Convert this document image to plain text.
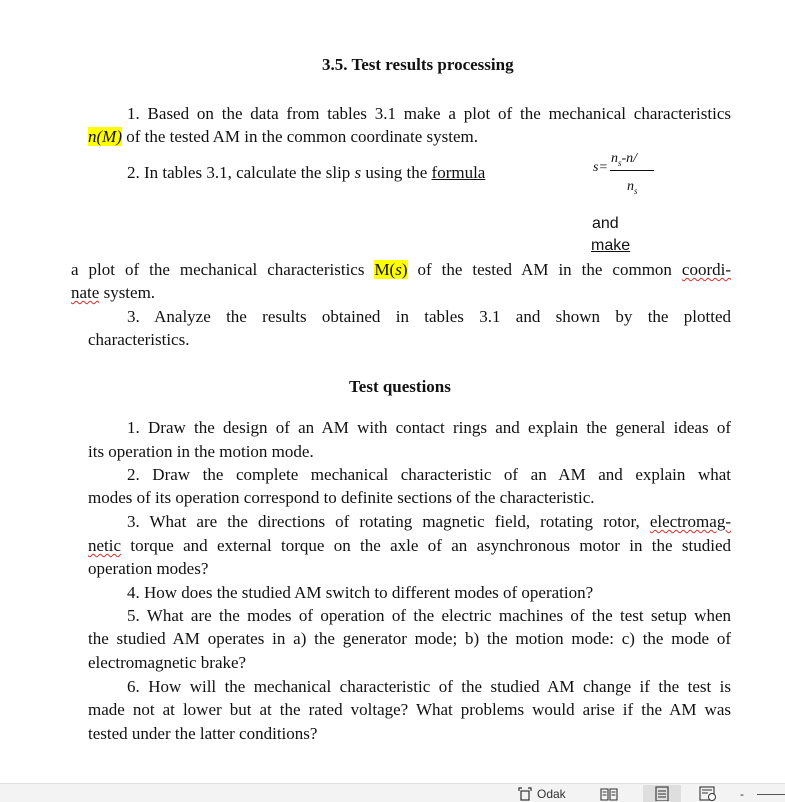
3.5. Test results processing
1. Based on the data from tables 3.1 make a plot of the mechanical characteristics
n(M) of the tested AM in the common coordinate system.
2. In tables 3.1, calculate the slip s using the formula	s=
$n_s-n/$
$n_s$
and
make
a plot of the mechanical characteristics M(s) of the tested AM in the common coordi-
nate system.
3. Analyze the results obtained in tables 3.1 and shown by the plotted
characteristics.
Test questions
1. Draw the design of an AM with contact rings and explain the general ideas of
its operation in the motion mode.
2. Draw the complete mechanical characteristic of an AM and explain what
modes of its operation correspond to definite sections of the characteristic.
3. What are the directions of rotating magnetic field, rotating rotor, electromag-
netic torque and external torque on the axle of an asynchronous motor in the studied
operation modes?
4. How does the studied AM switch to different modes of operation?
5. What are the modes of operation of the electric machines of the test setup when
the studied AM operates in a) the generator mode; b) the motion mode: c) the mode of
electromagnetic brake?
6. How will the mechanical characteristic of the studied AM change if the test is
made not at lower but at the rated voltage? What problems would arise if the AM was
tested under the latter conditions?
Odak	-
